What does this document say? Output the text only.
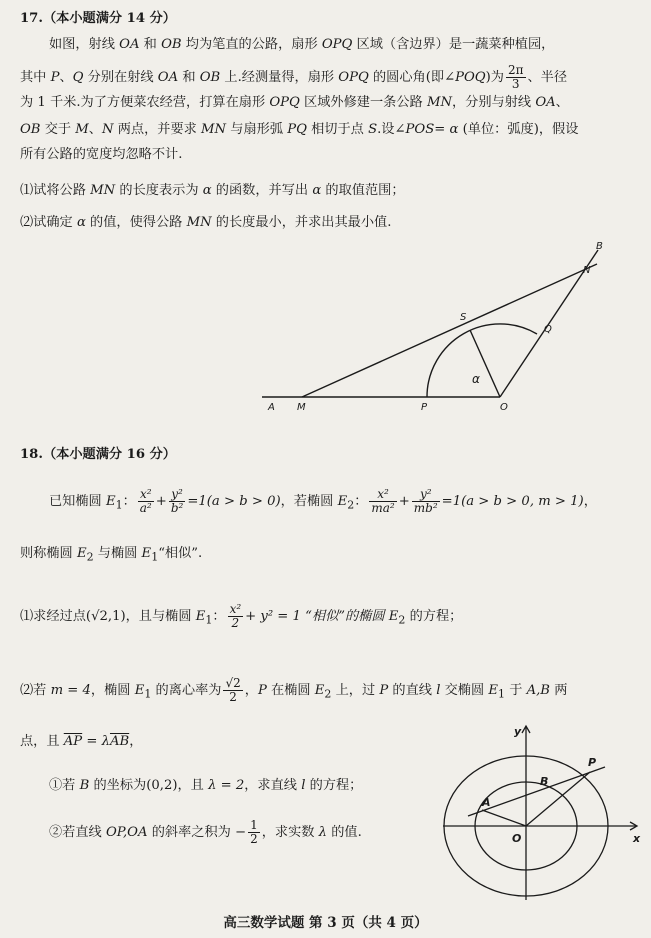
17.（本小题满分 14 分）
如图，射线 OA 和 OB 均为笔直的公路，扇形 OPQ 区域（含边界）是一蔬菜种植园，
其中 P、Q 分别在射线 OA 和 OB 上.经测量得，扇形 OPQ 的圆心角(即∠POQ)为 $\frac{2\pi}{3}$ 、半径
为 1 千米.为了方便菜农经营，打算在扇形 OPQ 区域外修建一条公路 MN，分别与射线 OA、
OB 交于 M、N 两点，并要求 MN 与扇形弧 PQ 相切于点 S.设∠POS= α (单位：弧度)，假设
所有公路的宽度均忽略不计.
⑴试将公路 MN 的长度表示为 α 的函数，并写出 α 的取值范围；
⑵试确定 α 的值，使得公路 MN 的长度最小，并求出其最小值.
A M	P	O
Q
S
N
B
α
18.（本小题满分 16 分）
已知椭圆 $E_1$： $\frac{\text{x²}}{\text{a²}} + \frac{\text{y²}}{\text{b²}} =1(a > b > 0)$，若椭圆 $E_2$： $\frac{\text{x²}}{\text{ma²}} + \frac{\text{y²}}{\text{mb²}} =1(a > b > 0$, m > 1)，
则称椭圆 $E_2$ 与椭圆 $E_1“$相似”.
⑴求经过点(√2,1)，且与椭圆 $E_1$： $\frac{\text{x²}}{2} + y^2 = 1$ “相似”的椭圆 $E_2$ 的方程；
⑵若 m = 4，椭圆 $E_1$ 的离心率为 $\frac{√2}{2}$ ，P 在椭圆 $E_2$ 上，过 P 的直线 l 交椭圆 $E_1$ 于 A,B 两
点，且 $\overline{AP} = \lambda\overline{AB}$，
①若 B 的坐标为(0,2)，且 λ = 2，求直线 l 的方程；
②若直线 OP,OA 的斜率之积为 − $\frac{1}{2}$ ，求实数 λ 的值.
y
x
O
A
B
P
高三数学试题 第 3 页（共 4 页）
